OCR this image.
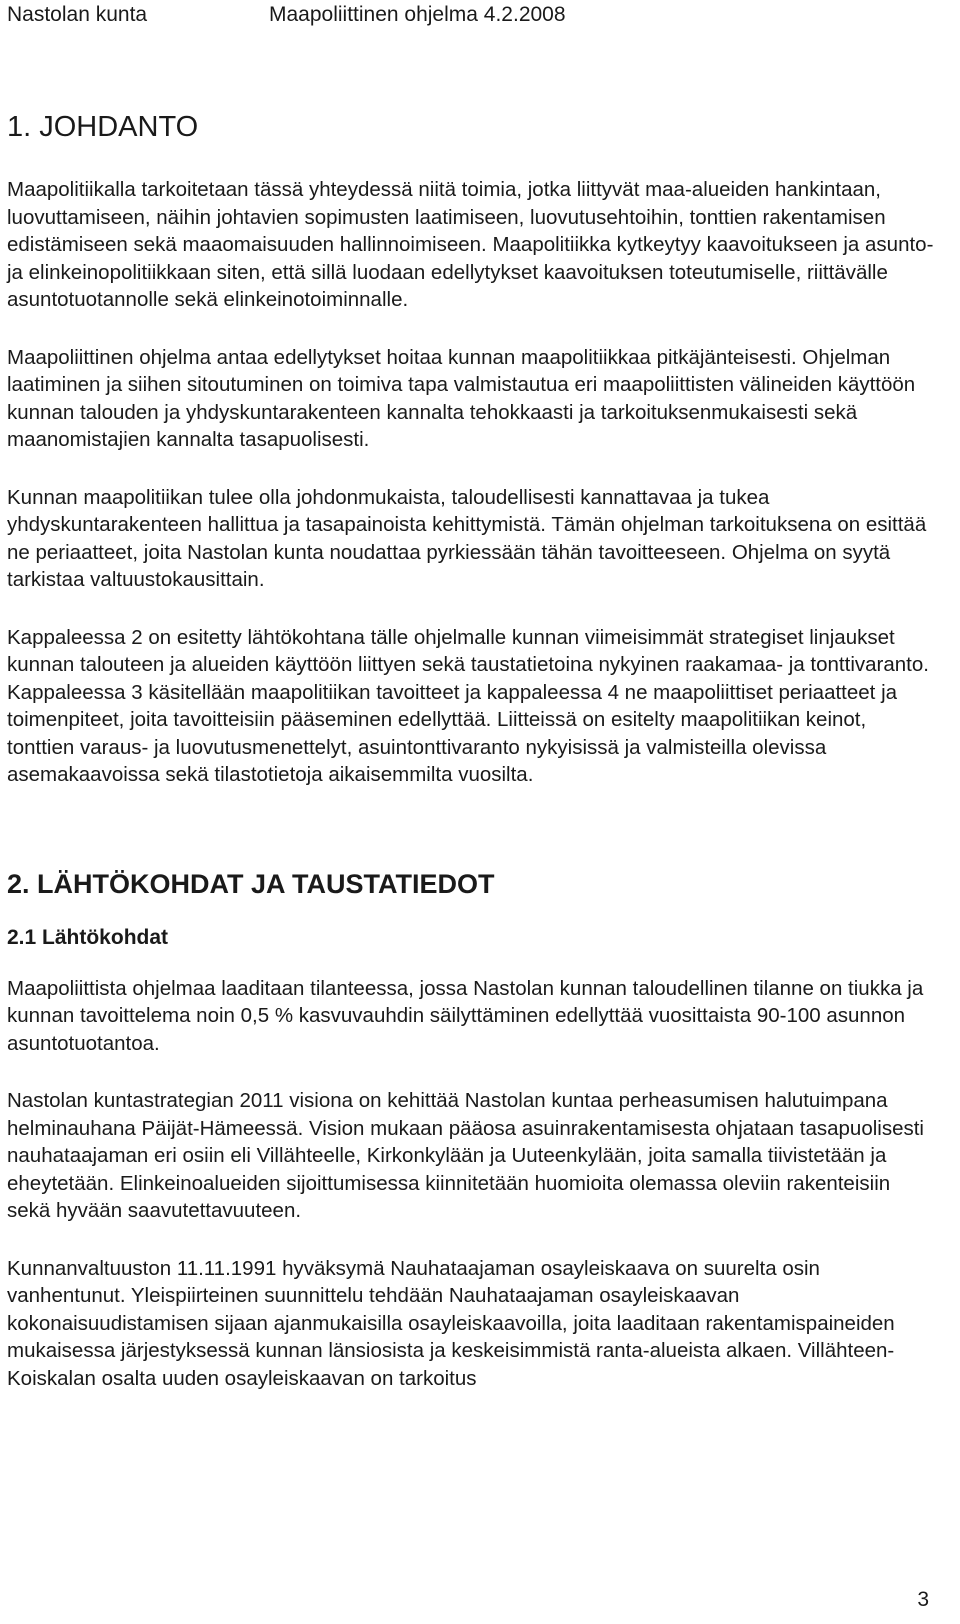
Nastolan kunta	Maapoliittinen ohjelma 4.2.2008
1. JOHDANTO

Maapolitiikalla tarkoitetaan tässä yhteydessä niitä toimia, jotka liittyvät maa-alueiden hankintaan, luovuttamiseen, näihin johtavien sopimusten laatimiseen, luovutusehtoihin, tonttien rakentamisen edistämiseen sekä maaomaisuuden hallinnoimiseen. Maapolitiikka kytkeytyy kaavoitukseen ja asunto- ja elinkeinopolitiikkaan siten, että sillä luodaan edellytykset kaavoituksen toteutumiselle, riittävälle asuntotuotannolle sekä elinkeinotoiminnalle.

Maapoliittinen ohjelma antaa edellytykset hoitaa kunnan maapolitiikkaa pitkäjänteisesti. Ohjelman laatiminen ja siihen sitoutuminen on toimiva tapa valmistautua eri maapoliittisten välineiden käyttöön kunnan talouden ja yhdyskuntarakenteen kannalta tehokkaasti ja tarkoituksenmukaisesti sekä maanomistajien kannalta tasapuolisesti.

Kunnan maapolitiikan tulee olla johdonmukaista, taloudellisesti kannattavaa ja tukea yhdyskuntarakenteen hallittua ja tasapainoista kehittymistä. Tämän ohjelman tarkoituksena on esittää ne periaatteet, joita Nastolan kunta noudattaa pyrkiessään tähän tavoitteeseen. Ohjelma on syytä tarkistaa valtuustokausittain.

Kappaleessa 2 on esitetty lähtökohtana tälle ohjelmalle kunnan viimeisimmät strategiset linjaukset kunnan talouteen ja alueiden käyttöön liittyen sekä taustatietoina nykyinen raakamaa- ja tonttivaranto. Kappaleessa 3 käsitellään maapolitiikan tavoitteet ja kappaleessa 4 ne maapoliittiset periaatteet ja toimenpiteet, joita tavoitteisiin pääseminen edellyttää. Liitteissä on esitelty maapolitiikan keinot, tonttien varaus- ja luovutusmenettelyt, asuintonttivaranto nykyisissä ja valmisteilla olevissa asemakaavoissa sekä tilastotietoja aikaisemmilta vuosilta.

2. LÄHTÖKOHDAT JA TAUSTATIEDOT
2.1 Lähtökohdat

Maapoliittista ohjelmaa laaditaan tilanteessa, jossa Nastolan kunnan taloudellinen tilanne on tiukka ja kunnan tavoittelema noin 0,5 % kasvuvauhdin säilyttäminen edellyttää vuosittaista 90-100 asunnon asuntotuotantoa.

Nastolan kuntastrategian 2011 visiona on kehittää Nastolan kuntaa perheasumisen halutuimpana helminauhana Päijät-Hämeessä. Vision mukaan pääosa asuinrakentamisesta ohjataan tasapuolisesti nauhataajaman eri osiin eli Villähteelle, Kirkonkylään ja Uuteenkylään, joita samalla tiivistetään ja eheytetään. Elinkeinoalueiden sijoittumisessa kiinnitetään huomioita olemassa oleviin rakenteisiin sekä hyvään saavutettavuuteen.

Kunnanvaltuuston 11.11.1991 hyväksymä Nauhataajaman osayleiskaava on suurelta osin vanhentunut. Yleispiirteinen suunnittelu tehdään Nauhataajaman osayleiskaavan kokonaisuudistamisen sijaan ajanmukaisilla osayleiskaavoilla, joita laaditaan rakentamispaineiden mukaisessa järjestyksessä kunnan länsiosista ja keskeisimmistä ranta-alueista alkaen. Villähteen-Koiskalan osalta uuden osayleiskaavan on tarkoitus

3
